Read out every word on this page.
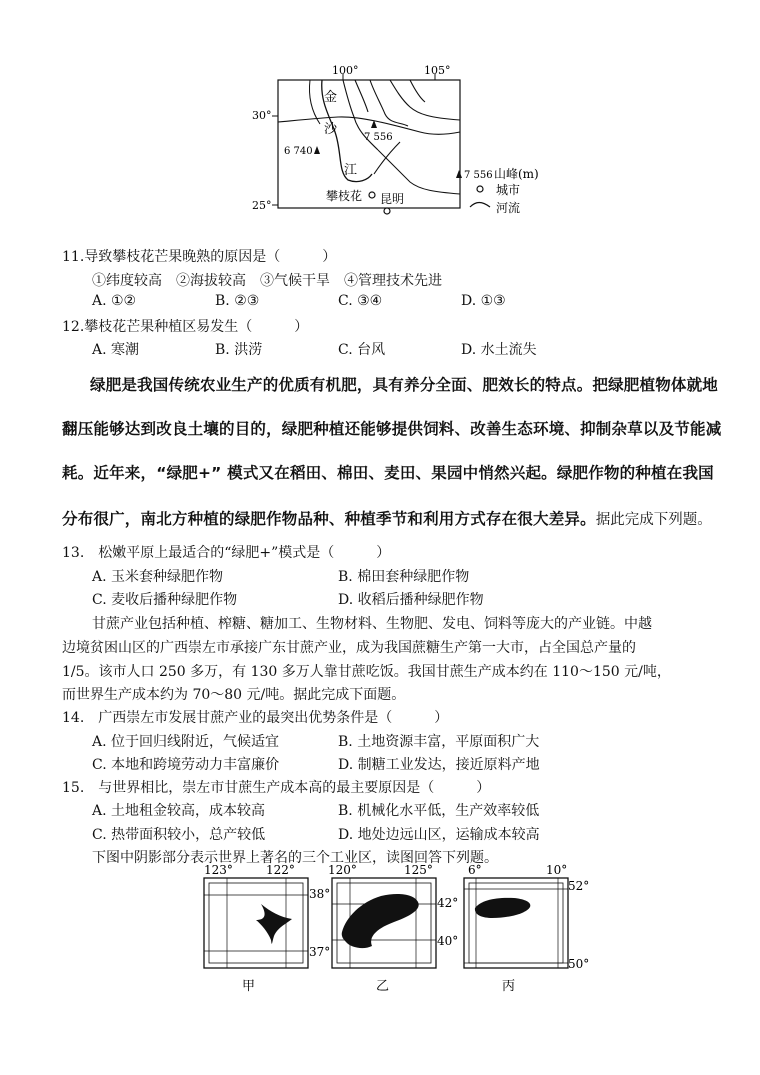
金
沙
江
6 740
7 556
攀枝花 昆明
100°	105°
30°
25°
7 556 山峰(m)
城市
河流
11.导致攀枝花芒果晚熟的原因是（　　　）
①纬度较高　②海拔较高　③气候干旱　④管理技术先进
A. ①②	B. ②③	C. ③④	D. ①③
12.攀枝花芒果种植区易发生（　　　）
A. 寒潮	B. 洪涝	C. 台风	D. 水土流失
绿肥是我国传统农业生产的优质有机肥，具有养分全面、肥效长的特点。把绿肥植物体就地
翻压能够达到改良土壤的目的，绿肥种植还能够提供饲料、改善生态环境、抑制杂草以及节能减
耗。近年来，“绿肥+” 模式又在稻田、棉田、麦田、果园中悄然兴起。绿肥作物的种植在我国
分布很广，南北方种植的绿肥作物品种、种植季节和利用方式存在很大差异。据此完成下列题。
13.　松嫩平原上最适合的“绿肥+”模式是（　　　）
A. 玉米套种绿肥作物	B. 棉田套种绿肥作物
C. 麦收后播种绿肥作物	D. 收稻后播种绿肥作物
甘蔗产业包括种植、榨糖、糖加工、生物材料、生物肥、发电、饲料等庞大的产业链。中越
边境贫困山区的广西崇左市承接广东甘蔗产业，成为我国蔗糖生产第一大市，占全国总产量的
1/5。该市人口 250 多万，有 130 多万人靠甘蔗吃饭。我国甘蔗生产成本约在 110～150 元/吨，
而世界生产成本约为 70～80 元/吨。据此完成下面题。
14.　广西崇左市发展甘蔗产业的最突出优势条件是（　　　）
A. 位于回归线附近，气候适宜	B. 土地资源丰富，平原面积广大
C. 本地和跨境劳动力丰富廉价	D. 制糖工业发达，接近原料产地
15.　与世界相比，崇左市甘蔗生产成本高的最主要原因是（　　　）
A. 土地租金较高，成本较高	B. 机械化水平低，生产效率较低
C. 热带面积较小，总产较低	D. 地处边远山区，运输成本较高
下图中阴影部分表示世界上著名的三个工业区，读图回答下列题。
123°	122°
38°
37°
甲
120°	125°
42°
40°
乙
6°	10°
52°
50°
丙
